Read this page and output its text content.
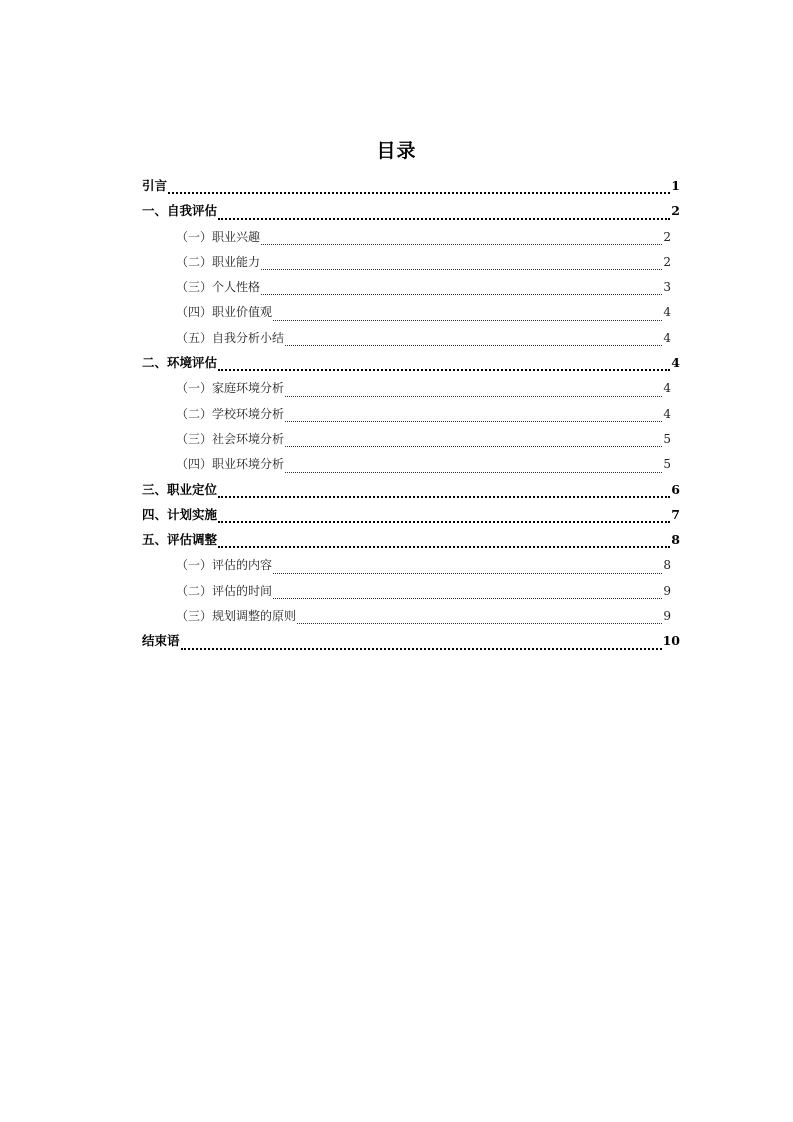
目录
引言	1
一、自我评估	2
（一）职业兴趣	2
（二）职业能力	2
（三）个人性格	3
（四）职业价值观	4
（五）自我分析小结	4
二、环境评估	4
（一）家庭环境分析	4
（二）学校环境分析	4
（三）社会环境分析	5
（四）职业环境分析	5
三、职业定位	6
四、计划实施	7
五、评估调整	8
（一）评估的内容	8
（二）评估的时间	9
（三）规划调整的原则	9
结束语	10
